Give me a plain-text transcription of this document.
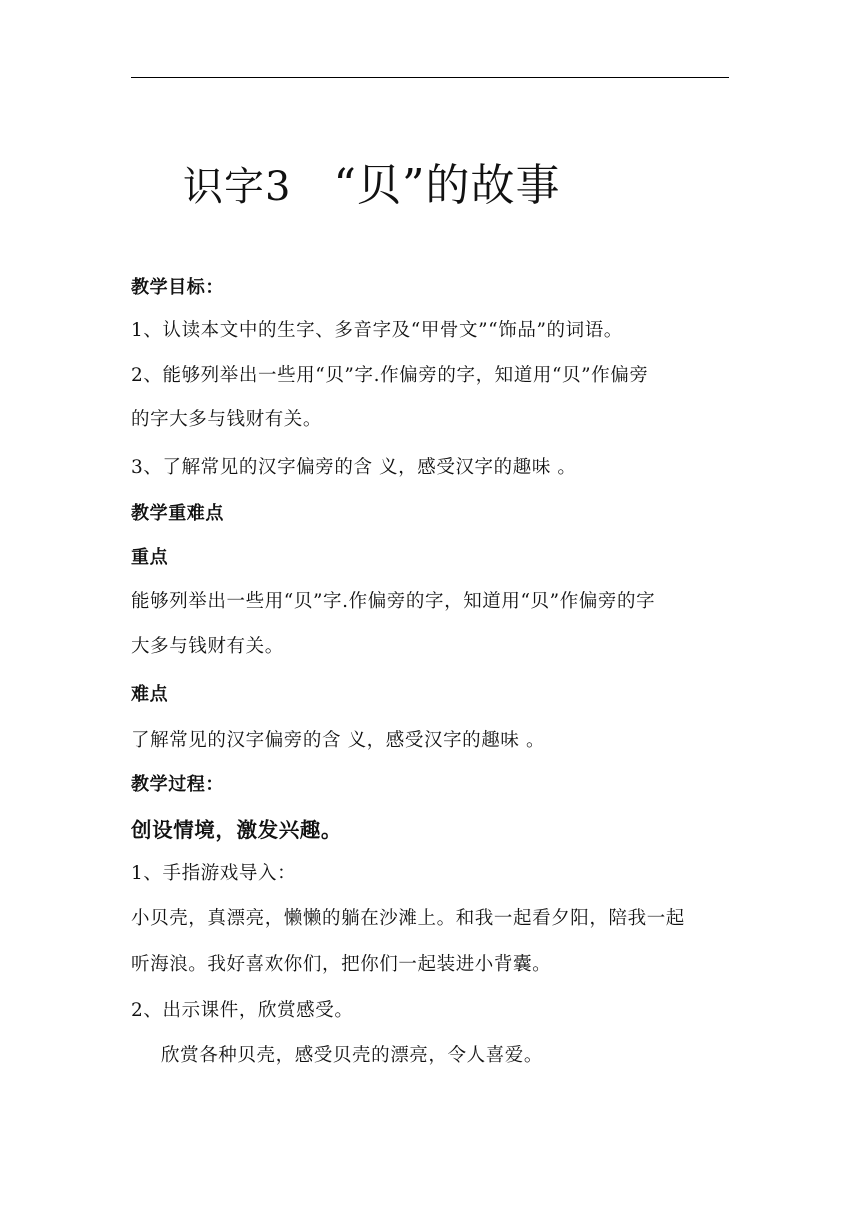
识字3 “贝”的故事
教学目标：
1、认读本文中的生字、多音字及“甲骨文”“饰品”的词语。
2、能够列举出一些用“贝”字.作偏旁的字，知道用“贝”作偏旁
的字大多与钱财有关。
3、了解常见的汉字偏旁的含 义，感受汉字的趣味 。
教学重难点
重点
能够列举出一些用“贝”字.作偏旁的字，知道用“贝”作偏旁的字
大多与钱财有关。
难点
了解常见的汉字偏旁的含 义，感受汉字的趣味 。
教学过程：
创设情境，激发兴趣。
1、手指游戏导入：
小贝壳，真漂亮，懒懒的躺在沙滩上。和我一起看夕阳，陪我一起
听海浪。我好喜欢你们，把你们一起装进小背囊。
2、出示课件，欣赏感受。
欣赏各种贝壳，感受贝壳的漂亮，令人喜爱。
